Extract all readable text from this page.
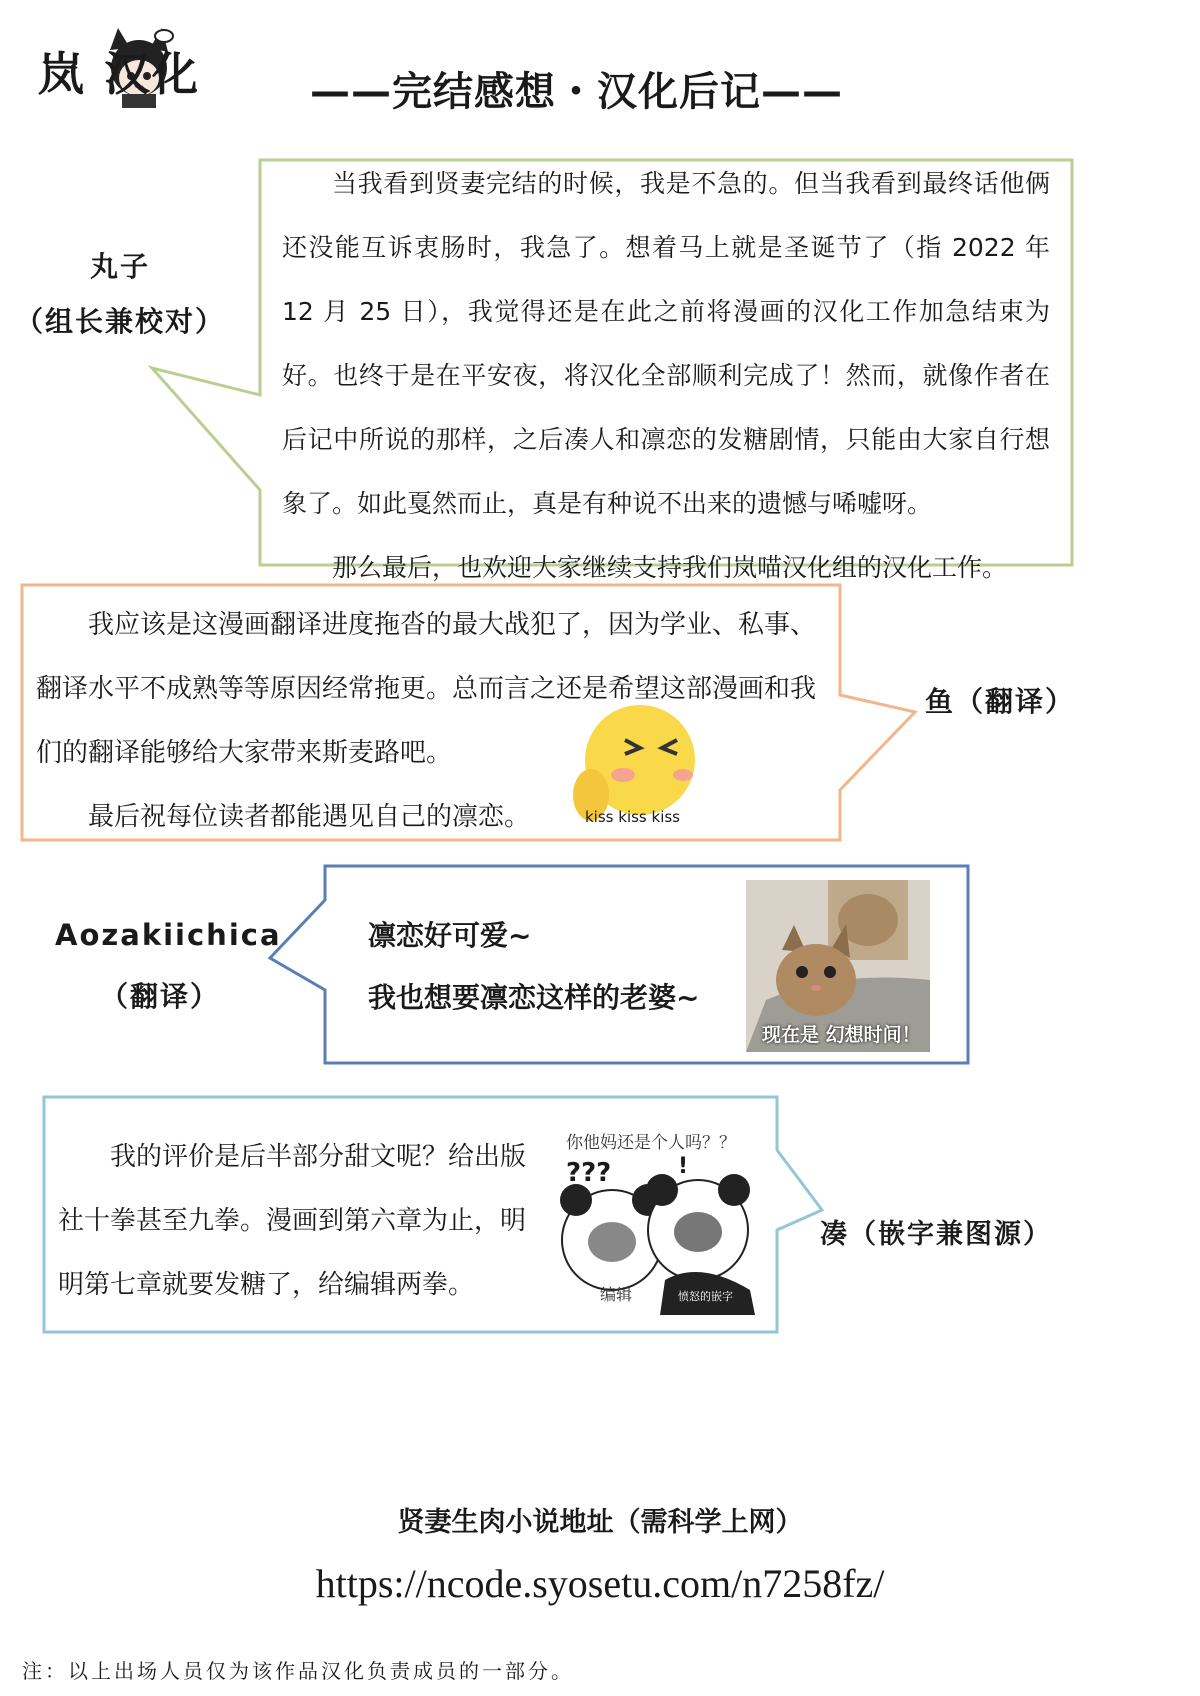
岚 汉化	——完结感想・汉化后记——
丸子
（组长兼校对）

当我看到贤妻完结的时候，我是不急的。但当我看到最终话他俩还没能互诉衷肠时，我急了。想着马上就是圣诞节了（指 2022 年 12 月 25 日），我觉得还是在此之前将漫画的汉化工作加急结束为好。也终于是在平安夜，将汉化全部顺利完成了！然而，就像作者在后记中所说的那样，之后凑人和凛恋的发糖剧情，只能由大家自行想象了。如此戛然而止，真是有种说不出来的遗憾与唏嘘呀。

那么最后，也欢迎大家继续支持我们岚喵汉化组的汉化工作。

我应该是这漫画翻译进度拖沓的最大战犯了，因为学业、私事、翻译水平不成熟等等原因经常拖更。总而言之还是希望这部漫画和我们的翻译能够给大家带来斯麦路吧。

最后祝每位读者都能遇见自己的凛恋。	kiss kiss kiss
鱼（翻译）
Aozakiichica
（翻译）

凛恋好可爱~

我也想要凛恋这样的老婆~

现在是 幻想时间！

我的评价是后半部分甜文呢？给出版社十拳甚至九拳。漫画到第六章为止，明明第七章就要发糖了，给编辑两拳。

你他妈还是个人吗？？
???	!
编辑	愤怒的嵌字
凑（嵌字兼图源）
贤妻生肉小说地址（需科学上网）
https://ncode.syosetu.com/n7258fz/
注：以上出场人员仅为该作品汉化负责成员的一部分。
